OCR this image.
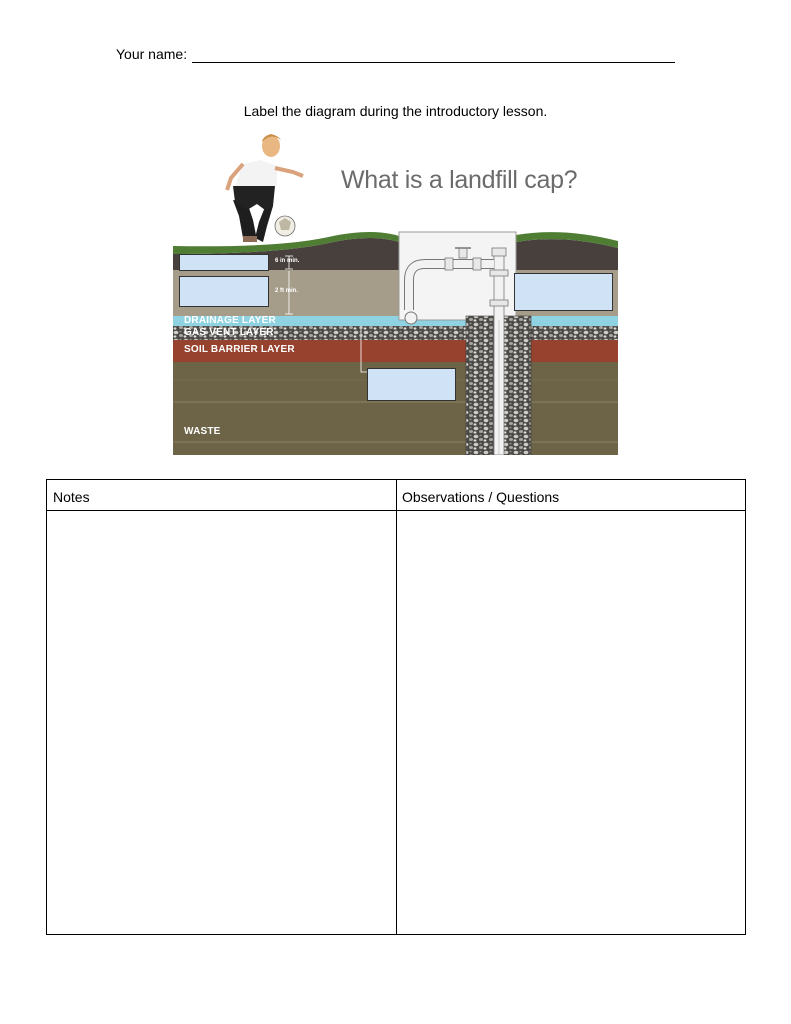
Your name:
Label the diagram during the introductory lesson.
What is a landfill cap?
6 in min.
2 ft min.
DRAINAGE LAYER
GAS VENT LAYER
SOIL BARRIER LAYER
WASTE
Notes	Observations / Questions
